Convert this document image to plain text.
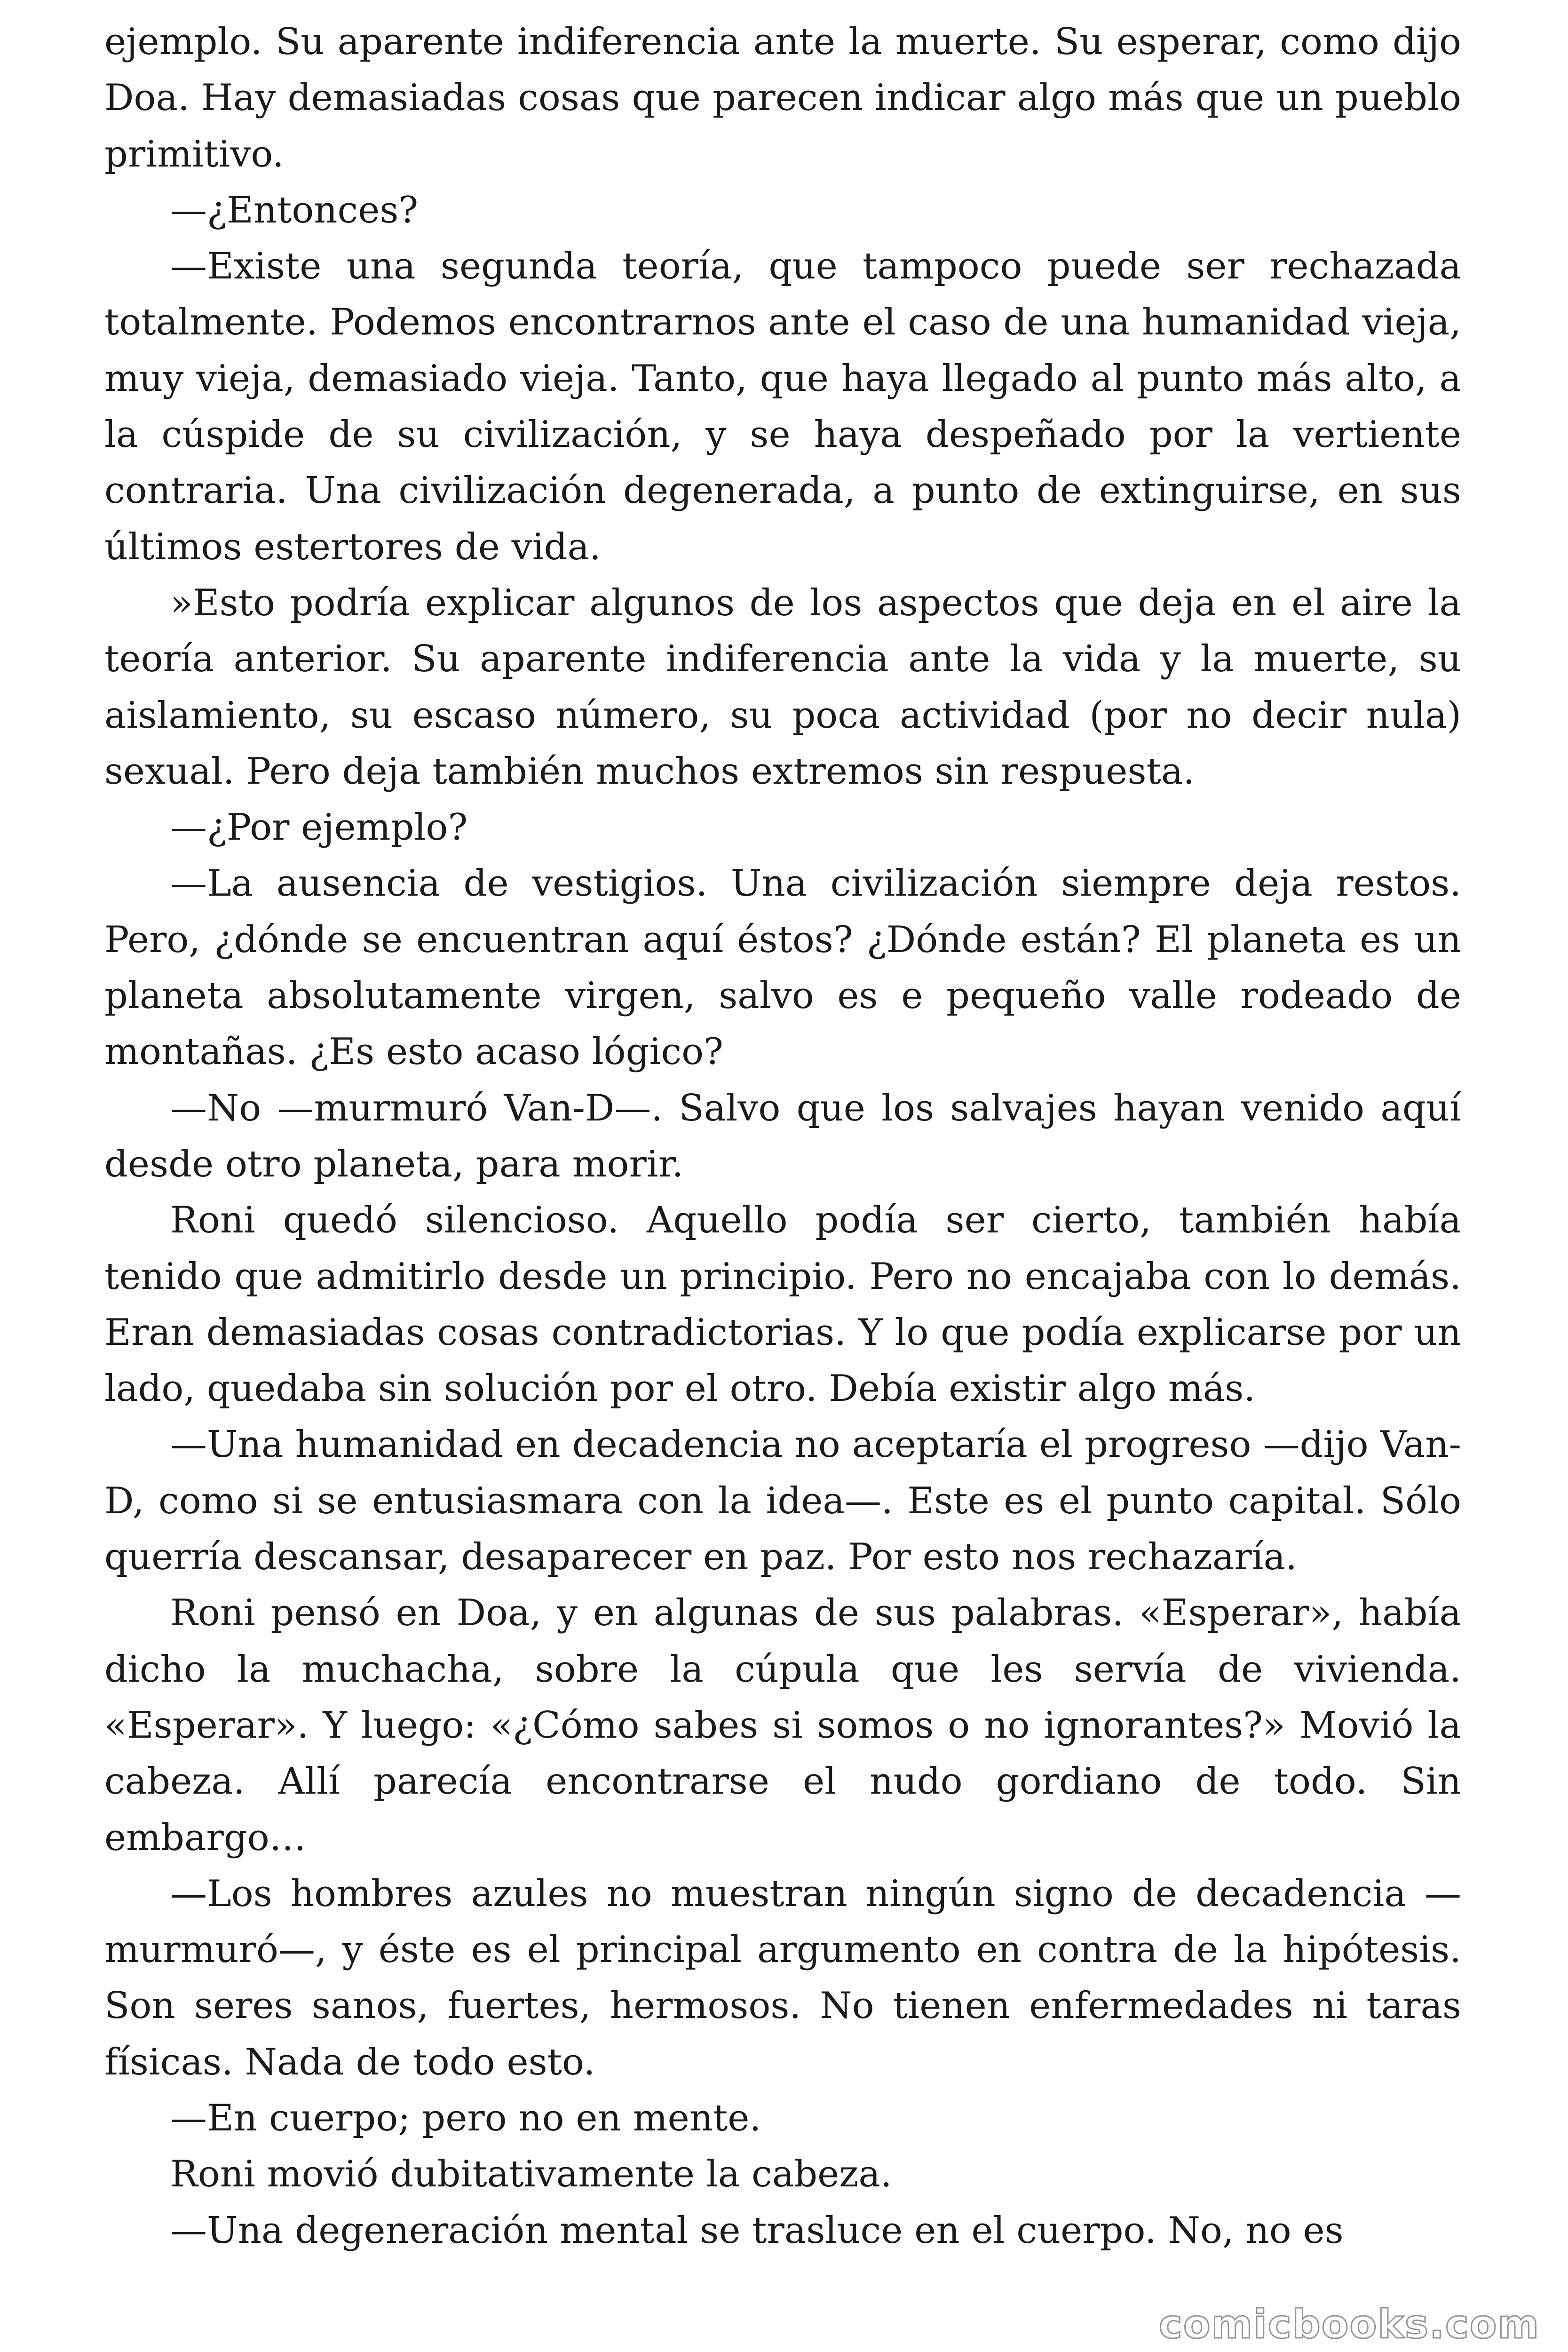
ejemplo. Su aparente indiferencia ante la muerte. Su esperar, como dijo Doa. Hay demasiadas cosas que parecen indicar algo más que un pueblo primitivo.

—¿Entonces?

—Existe una segunda teoría, que tampoco puede ser rechazada totalmente. Podemos encontrarnos ante el caso de una humanidad vieja, muy vieja, demasiado vieja. Tanto, que haya llegado al punto más alto, a la cúspide de su civilización, y se haya despeñado por la vertiente contraria. Una civilización degenerada, a punto de extinguirse, en sus últimos estertores de vida.

»Esto podría explicar algunos de los aspectos que deja en el aire la teoría anterior. Su aparente indiferencia ante la vida y la muerte, su aislamiento, su escaso número, su poca actividad (por no decir nula) sexual. Pero deja también muchos extremos sin respuesta.

—¿Por ejemplo?

—La ausencia de vestigios. Una civilización siempre deja restos. Pero, ¿dónde se encuentran aquí éstos? ¿Dónde están? El planeta es un planeta absolutamente virgen, salvo es e pequeño valle rodeado de montañas. ¿Es esto acaso lógico?

—No —murmuró Van-D—. Salvo que los salvajes hayan venido aquí desde otro planeta, para morir.

Roni quedó silencioso. Aquello podía ser cierto, también había tenido que admitirlo desde un principio. Pero no encajaba con lo demás. Eran demasiadas cosas contradictorias. Y lo que podía explicarse por un lado, quedaba sin solución por el otro. Debía existir algo más.

—Una humanidad en decadencia no aceptaría el progreso —dijo Van-D, como si se entusiasmara con la idea—. Este es el punto capital. Sólo querría descansar, desaparecer en paz. Por esto nos rechazaría.

Roni pensó en Doa, y en algunas de sus palabras. «Esperar», había dicho la muchacha, sobre la cúpula que les servía de vivienda. «Esperar». Y luego: «¿Cómo sabes si somos o no ignorantes?» Movió la cabeza. Allí parecía encontrarse el nudo gordiano de todo. Sin embargo…

—Los hombres azules no muestran ningún signo de decadencia —murmuró—, y éste es el principal argumento en contra de la hipótesis. Son seres sanos, fuertes, hermosos. No tienen enfermedades ni taras físicas. Nada de todo esto.

—En cuerpo; pero no en mente.

Roni movió dubitativamente la cabeza.

—Una degeneración mental se trasluce en el cuerpo. No, no es

comicbooks.com
